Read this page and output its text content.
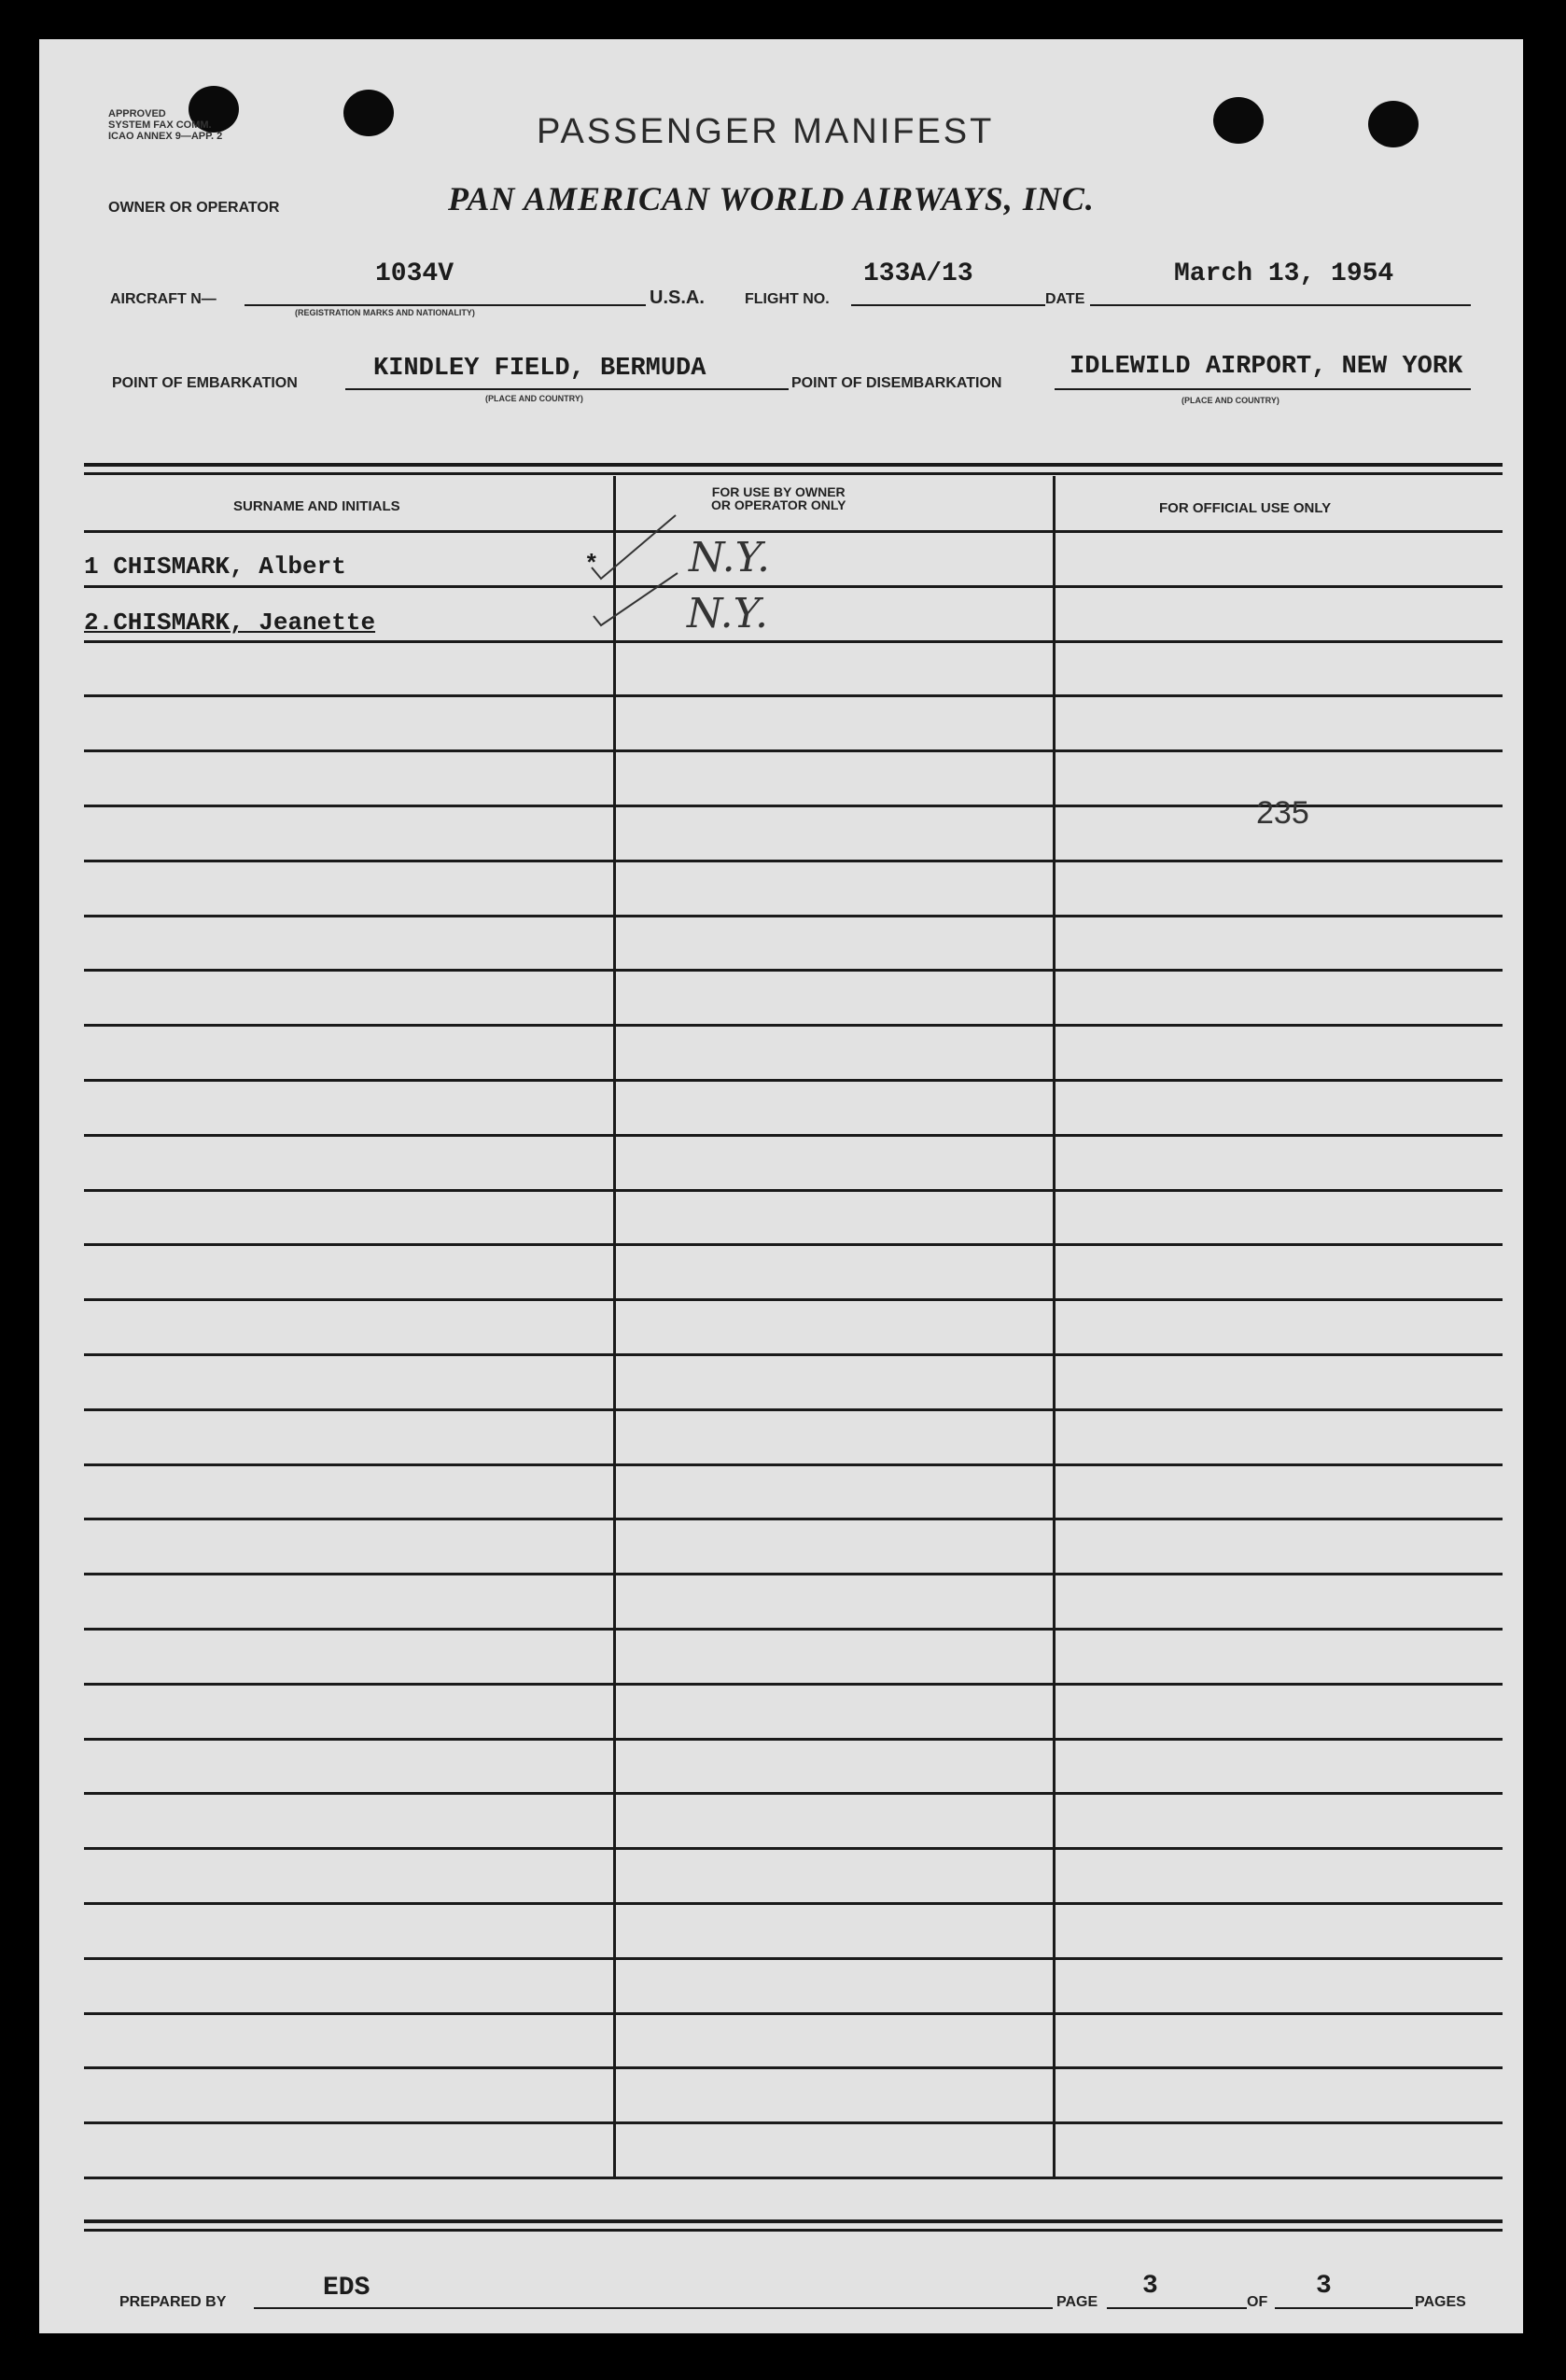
APPROVED
SYSTEM FAX COMM.
ICAO ANNEX 9—APP. 2	PASSENGER MANIFEST
OWNER OR OPERATOR	PAN AMERICAN WORLD AIRWAYS, INC.
AIRCRAFT N—
1034V
(REGISTRATION MARKS AND NATIONALITY)
U.S.A.	FLIGHT NO.
133A/13
DATE
March 13, 1954
POINT OF EMBARKATION
KINDLEY FIELD, BERMUDA
(PLACE AND COUNTRY)
POINT OF DISEMBARKATION
IDLEWILD AIRPORT, NEW YORK
(PLACE AND COUNTRY)
SURNAME AND INITIALS
FOR USE BY OWNER
OR OPERATOR ONLY	FOR OFFICIAL USE ONLY
1 CHISMARK, Albert	* N.Y.
2.CHISMARK, Jeanette	N.Y.
235
PREPARED BY	EDS	PAGE
3
OF
3
PAGES
